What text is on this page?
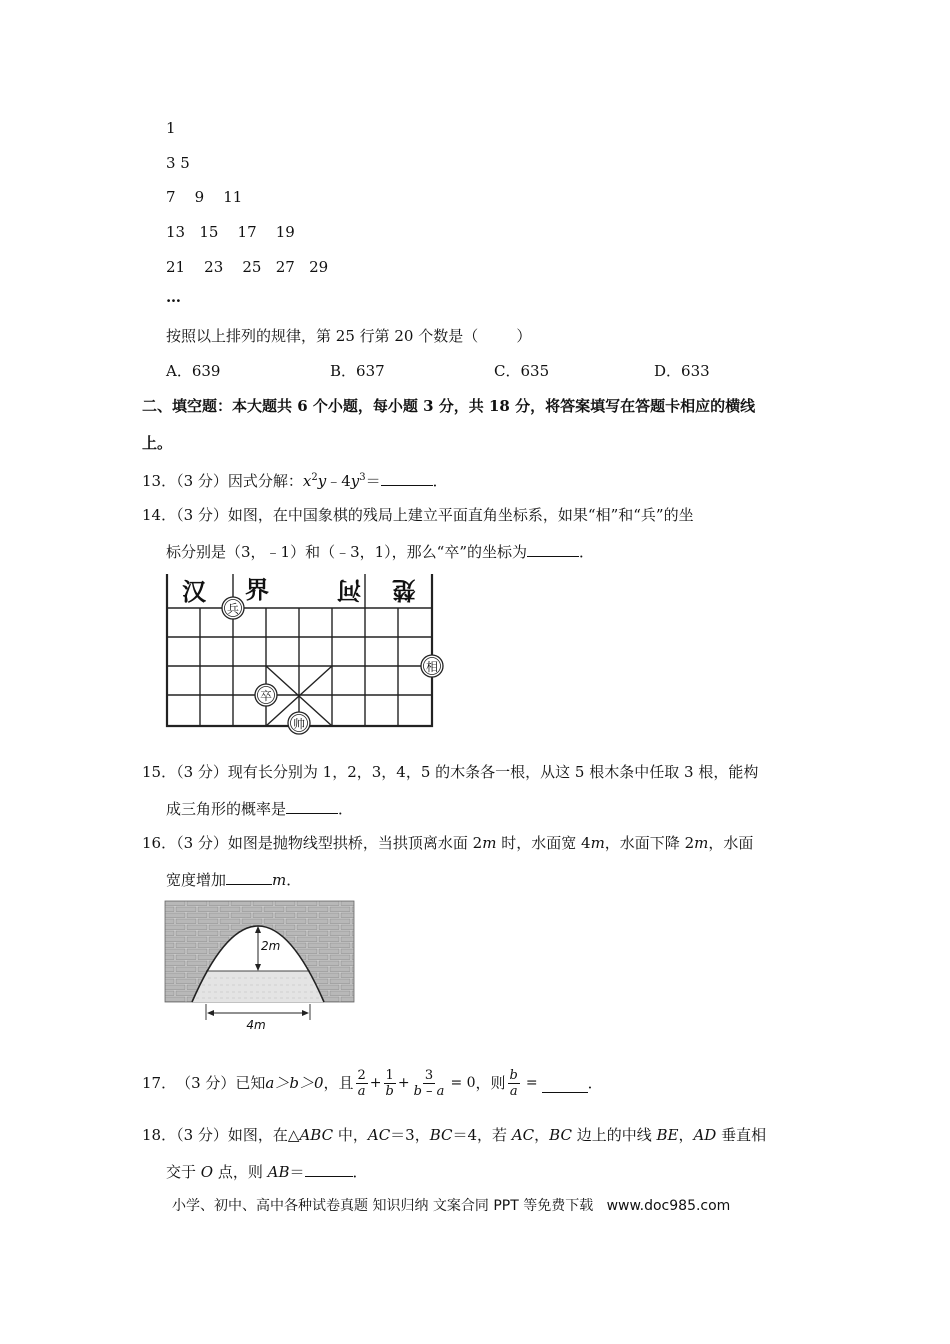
1
3 5
7    9    11
13   15    17    19
21    23    25   27   29
…
按照以上排列的规律，第 25 行第 20 个数是（        ）
A．639	B．637	C．635	D．633
二、填空题：本大题共 6 个小题，每小题 3 分，共 18 分，将答案填写在答题卡相应的横线
上。
13．（3 分）因式分解：$x^2y﹣4y^3=$	．
14．（3 分）如图，在中国象棋的残局上建立平面直角坐标系，如果“相”和“兵”的坐
标分别是（3，﹣1）和（﹣3，1），那么“卒”的坐标为	．
汉 界	河 楚
兵
相
卒
帅
15．（3 分）现有长分别为 1，2，3，4，5 的木条各一根，从这 5 根木条中任取 3 根，能构
成三角形的概率是	．
16．（3 分）如图是抛物线型拱桥，当拱顶离水面 2m 时，水面宽 4m，水面下降 2m，水面
宽度增加	m．
2m
4m
17． （3 分）已知 a＞b＞0 ，且 $\frac{2}{a} + \frac{1}{b} + \frac{3}{b - a} = 0$ ，则 $\frac{b}{a}$ =	．
18．（3 分）如图，在△ABC 中，AC＝3，BC＝4，若 AC，BC 边上的中线 BE，AD 垂直相
交于 O 点，则 AB＝	．
小学、初中、高中各种试卷真题 知识归纳 文案合同 PPT 等免费下载   www.doc985.com
